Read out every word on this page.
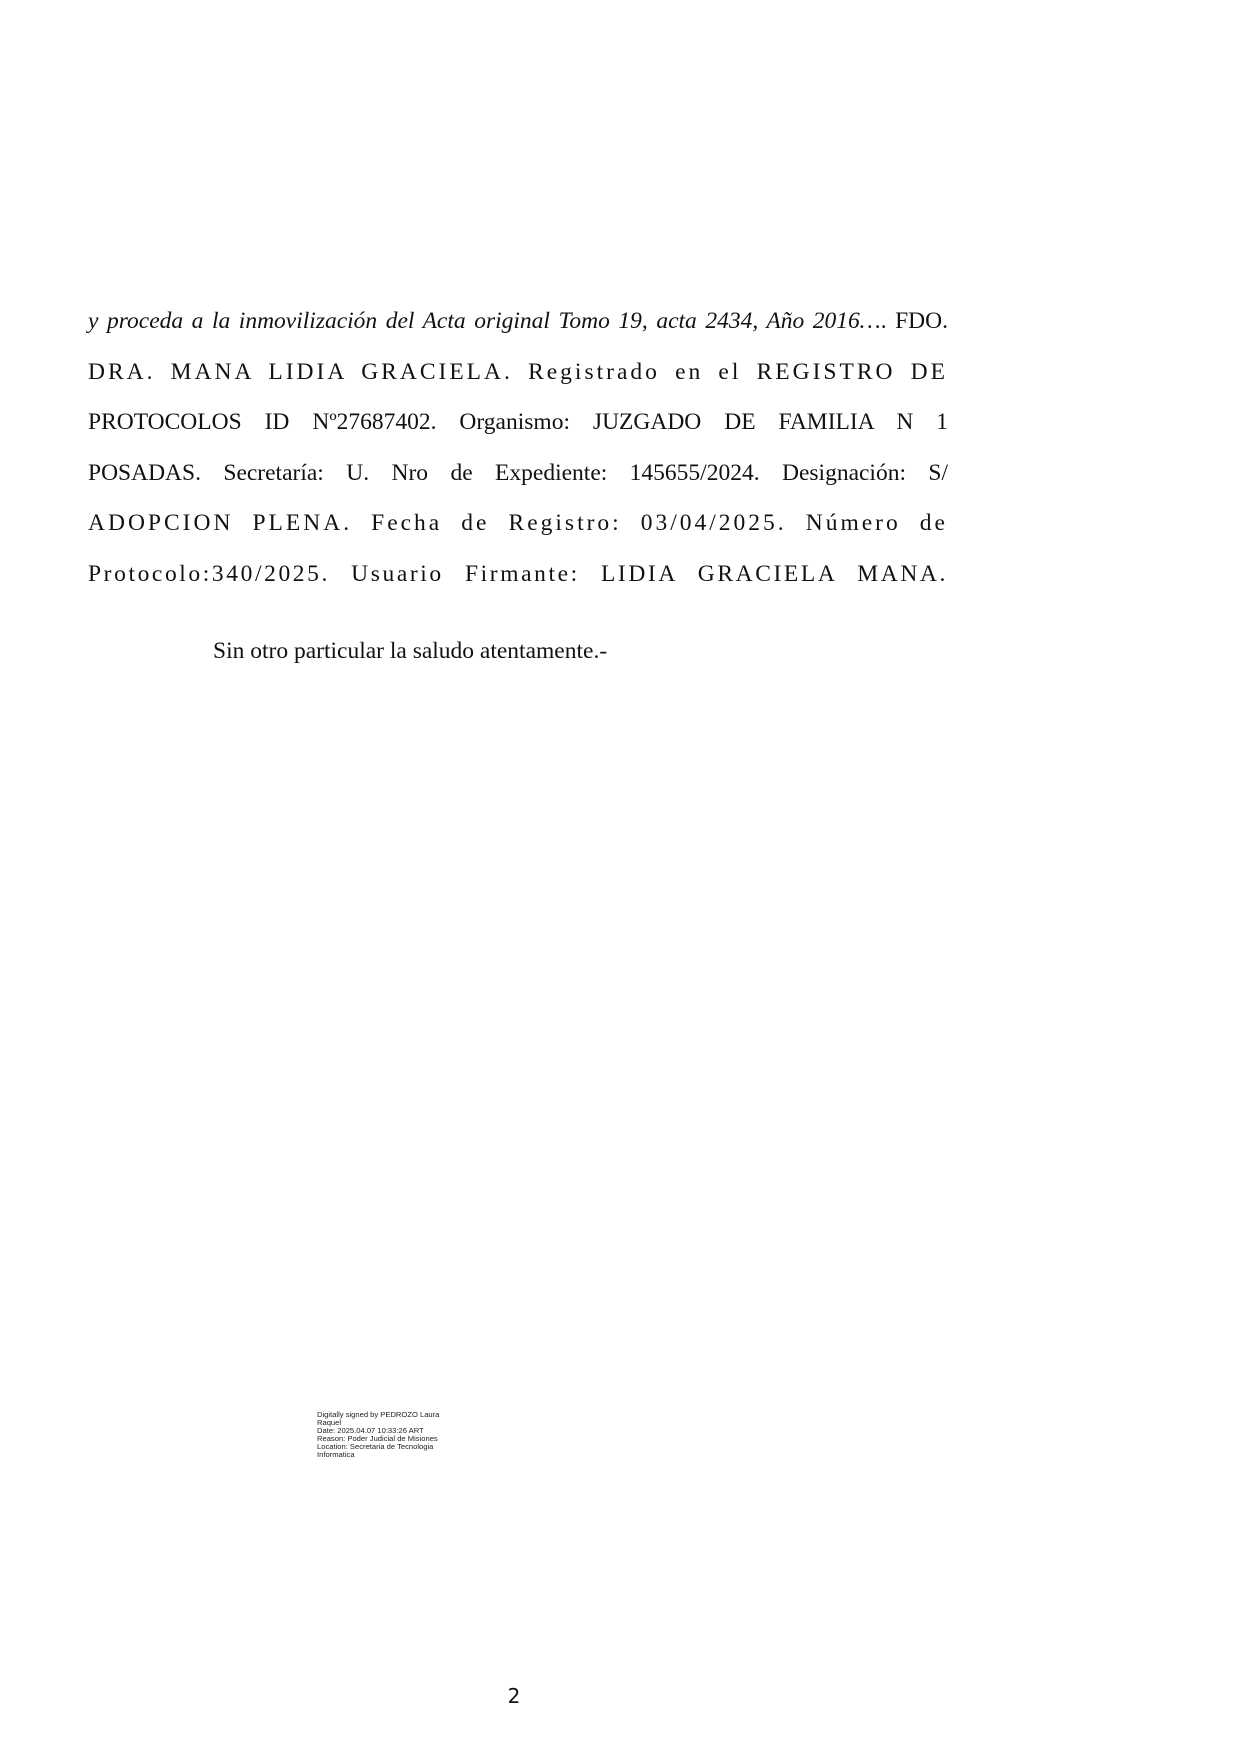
y proceda a la inmovilización del Acta original Tomo 19, acta 2434, Año 2016…. FDO.
DRA. MANA LIDIA GRACIELA. Registrado en el REGISTRO DE
PROTOCOLOS ID Nº27687402. Organismo: JUZGADO DE FAMILIA N 1
POSADAS. Secretaría: U. Nro de Expediente: 145655/2024. Designación: S/
ADOPCION PLENA. Fecha de Registro: 03/04/2025. Número de
Protocolo:340/2025. Usuario Firmante: LIDIA GRACIELA MANA.
Sin otro particular la saludo atentamente.-
Digitally signed by PEDROZO Laura
Raquel
Date: 2025.04.07 10:33:26 ART
Reason: Poder Judicial de Misiones
Location: Secretaria de Tecnologia
Informatica
2
